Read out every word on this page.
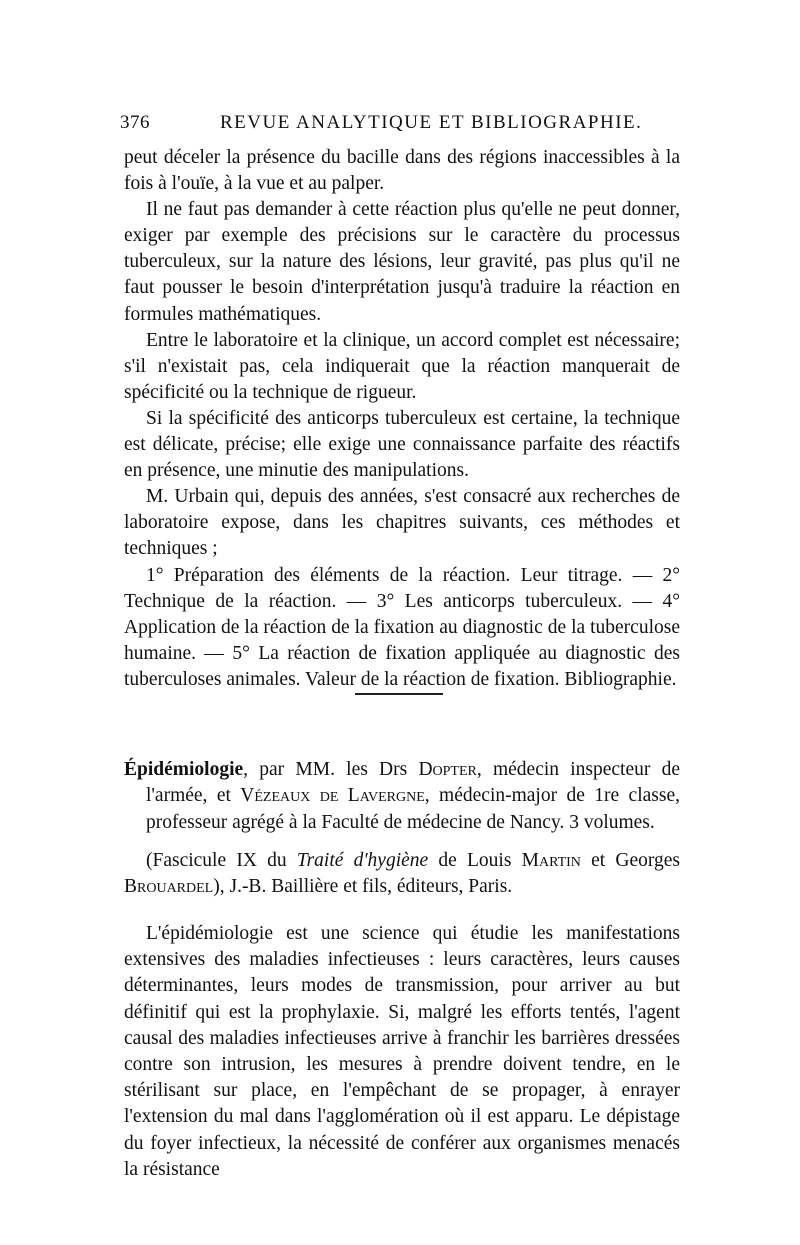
376	REVUE ANALYTIQUE ET BIBLIOGRAPHIE.

peut déceler la présence du bacille dans des régions inaccessibles à la fois à l'ouïe, à la vue et au palper.

Il ne faut pas demander à cette réaction plus qu'elle ne peut donner, exiger par exemple des précisions sur le caractère du processus tuberculeux, sur la nature des lésions, leur gravité, pas plus qu'il ne faut pousser le besoin d'interprétation jusqu'à traduire la réaction en formules mathématiques.

Entre le laboratoire et la clinique, un accord complet est nécessaire; s'il n'existait pas, cela indiquerait que la réaction manquerait de spécificité ou la technique de rigueur.

Si la spécificité des anticorps tuberculeux est certaine, la technique est délicate, précise; elle exige une connaissance parfaite des réactifs en présence, une minutie des manipulations.

M. Urbain qui, depuis des années, s'est consacré aux recherches de laboratoire expose, dans les chapitres suivants, ces méthodes et techniques ;

1° Préparation des éléments de la réaction. Leur titrage. — 2° Technique de la réaction. — 3° Les anticorps tuberculeux. — 4° Application de la réaction de la fixation au diagnostic de la tuberculose humaine. — 5° La réaction de fixation appliquée au diagnostic des tuberculoses animales. Valeur de la réaction de fixation. Bibliographie.

Épidémiologie, par MM. les Drs Dopter, médecin inspecteur de l'armée, et Vézeaux de Lavergne, médecin-major de 1re classe, professeur agrégé à la Faculté de médecine de Nancy. 3 volumes.

(Fascicule IX du Traité d'hygiène de Louis Martin et Georges Brouardel), J.-B. Baillière et fils, éditeurs, Paris.

L'épidémiologie est une science qui étudie les manifestations extensives des maladies infectieuses : leurs caractères, leurs causes déterminantes, leurs modes de transmission, pour arriver au but définitif qui est la prophylaxie. Si, malgré les efforts tentés, l'agent causal des maladies infectieuses arrive à franchir les barrières dressées contre son intrusion, les mesures à prendre doivent tendre, en le stérilisant sur place, en l'empêchant de se propager, à enrayer l'extension du mal dans l'agglomération où il est apparu. Le dépistage du foyer infectieux, la nécessité de conférer aux organismes menacés la résistance
